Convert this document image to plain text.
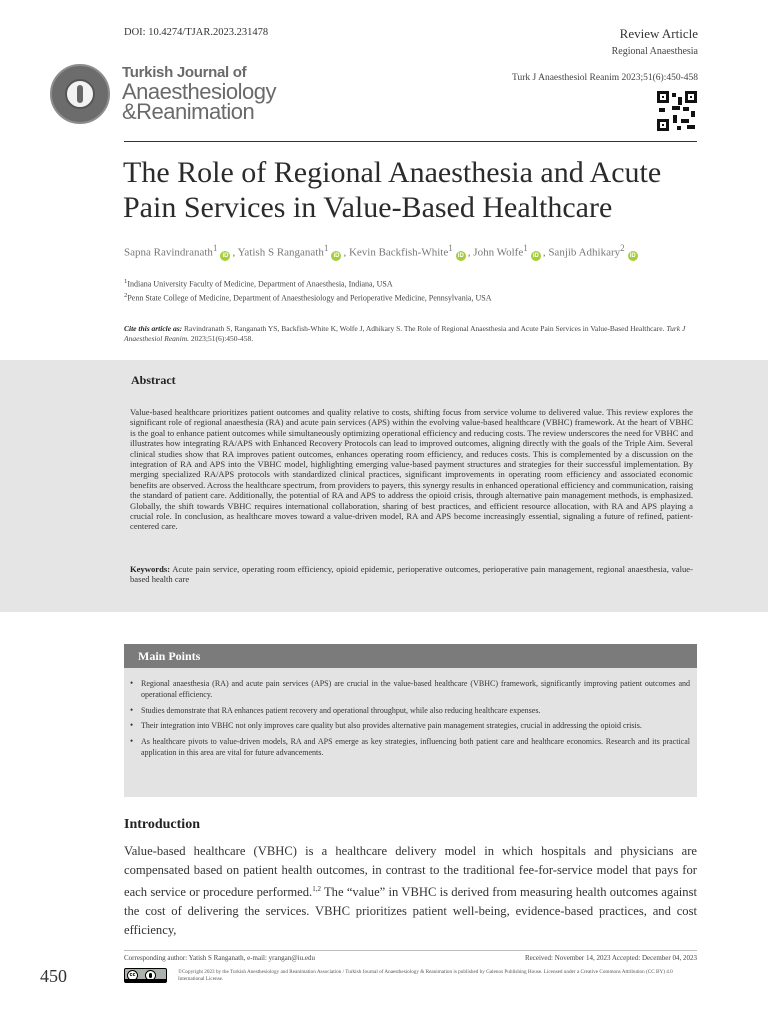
DOI: 10.4274/TJAR.2023.231478	Review Article
Regional Anaesthesia
Turk J Anaesthesiol Reanim 2023;51(6):450-458
Turkish Journal of
Anaesthesiology
&Reanimation
The Role of Regional Anaesthesia and Acute
Pain Services in Value-Based Healthcare
Sapna Ravindranath$^1$iD , Yatish S Ranganath$^1$iD , Kevin Backfish-White$^1$iD , John Wolfe$^1$iD , Sanjib Adhikary$^2$iD
$^1$Indiana University Faculty of Medicine, Department of Anaesthesia, Indiana, USA
$^2$Penn State College of Medicine, Department of Anaesthesiology and Perioperative Medicine, Pennsylvania, USA
Cite this article as: Ravindranath S, Ranganath YS, Backfish-White K, Wolfe J, Adhikary S. The Role of Regional Anaesthesia and Acute Pain Services in Value-Based Healthcare. Turk J Anaesthesiol Reanim. 2023;51(6):450-458.
Abstract

Value-based healthcare prioritizes patient outcomes and quality relative to costs, shifting focus from service volume to delivered value. This review explores the significant role of regional anaesthesia (RA) and acute pain services (APS) within the evolving value-based healthcare (VBHC) framework. At the heart of VBHC is the goal to enhance patient outcomes while simultaneously optimizing operational efficiency and reducing costs. The review underscores the need for VBHC and illustrates how integrating RA/APS with Enhanced Recovery Protocols can lead to improved outcomes, aligning directly with the goals of the Triple Aim. Several clinical studies show that RA improves patient outcomes, enhances operating room efficiency, and reduces costs. This is complemented by a discussion on the integration of RA and APS into the VBHC model, highlighting emerging value-based payment structures and strategies for their successful implementation. By merging specialized RA/APS protocols with standardized clinical practices, significant improvements in operating room efficiency and associated economic benefits are observed. Across the healthcare spectrum, from providers to payers, this synergy results in enhanced operational efficiency and communication, raising the standard of patient care. Additionally, the potential of RA and APS to address the opioid crisis, through alternative pain management methods, is emphasized. Globally, the shift towards VBHC requires international collaboration, sharing of best practices, and efficient resource allocation, with RA and APS playing a crucial role. In conclusion, as healthcare moves toward a value-driven model, RA and APS become increasingly essential, signaling a future of refined, patient-centered care.

Keywords: Acute pain service, operating room efficiency, opioid epidemic, perioperative outcomes, perioperative pain management, regional anaesthesia, value-based health care

Main Points
• Regional anaesthesia (RA) and acute pain services (APS) are crucial in the value-based healthcare (VBHC) framework, significantly improving patient outcomes and operational efficiency.
• Studies demonstrate that RA enhances patient recovery and operational throughput, while also reducing healthcare expenses.
• Their integration into VBHC not only improves care quality but also provides alternative pain management strategies, crucial in addressing the opioid crisis.
• As healthcare pivots to value-driven models, RA and APS emerge as key strategies, influencing both patient care and healthcare economics. Research and its practical application in this area are vital for future advancements.
Introduction

Value-based healthcare (VBHC) is a healthcare delivery model in which hospitals and physicians are compensated based on patient health outcomes, in contrast to the traditional fee-for-service model that pays for each service or procedure performed.$^{1,2}$ The “value” in VBHC is derived from measuring health outcomes against the cost of delivering the services. VBHC prioritizes patient well-being, evidence-based practices, and cost efficiency,

Corresponding author: Yatish S Ranganath, e-mail: yrangan@iu.edu	Received: November 14, 2023 Accepted: December 04, 2023
450	cc	©Copyright 2023 by the Turkish Anesthesiology and Reanimation Association / Turkish Journal of Anaesthesiology & Reanimation is published by Galenos Publishing House. Licensed under a Creative Commons Attribution (CC BY) 4.0 International License.
